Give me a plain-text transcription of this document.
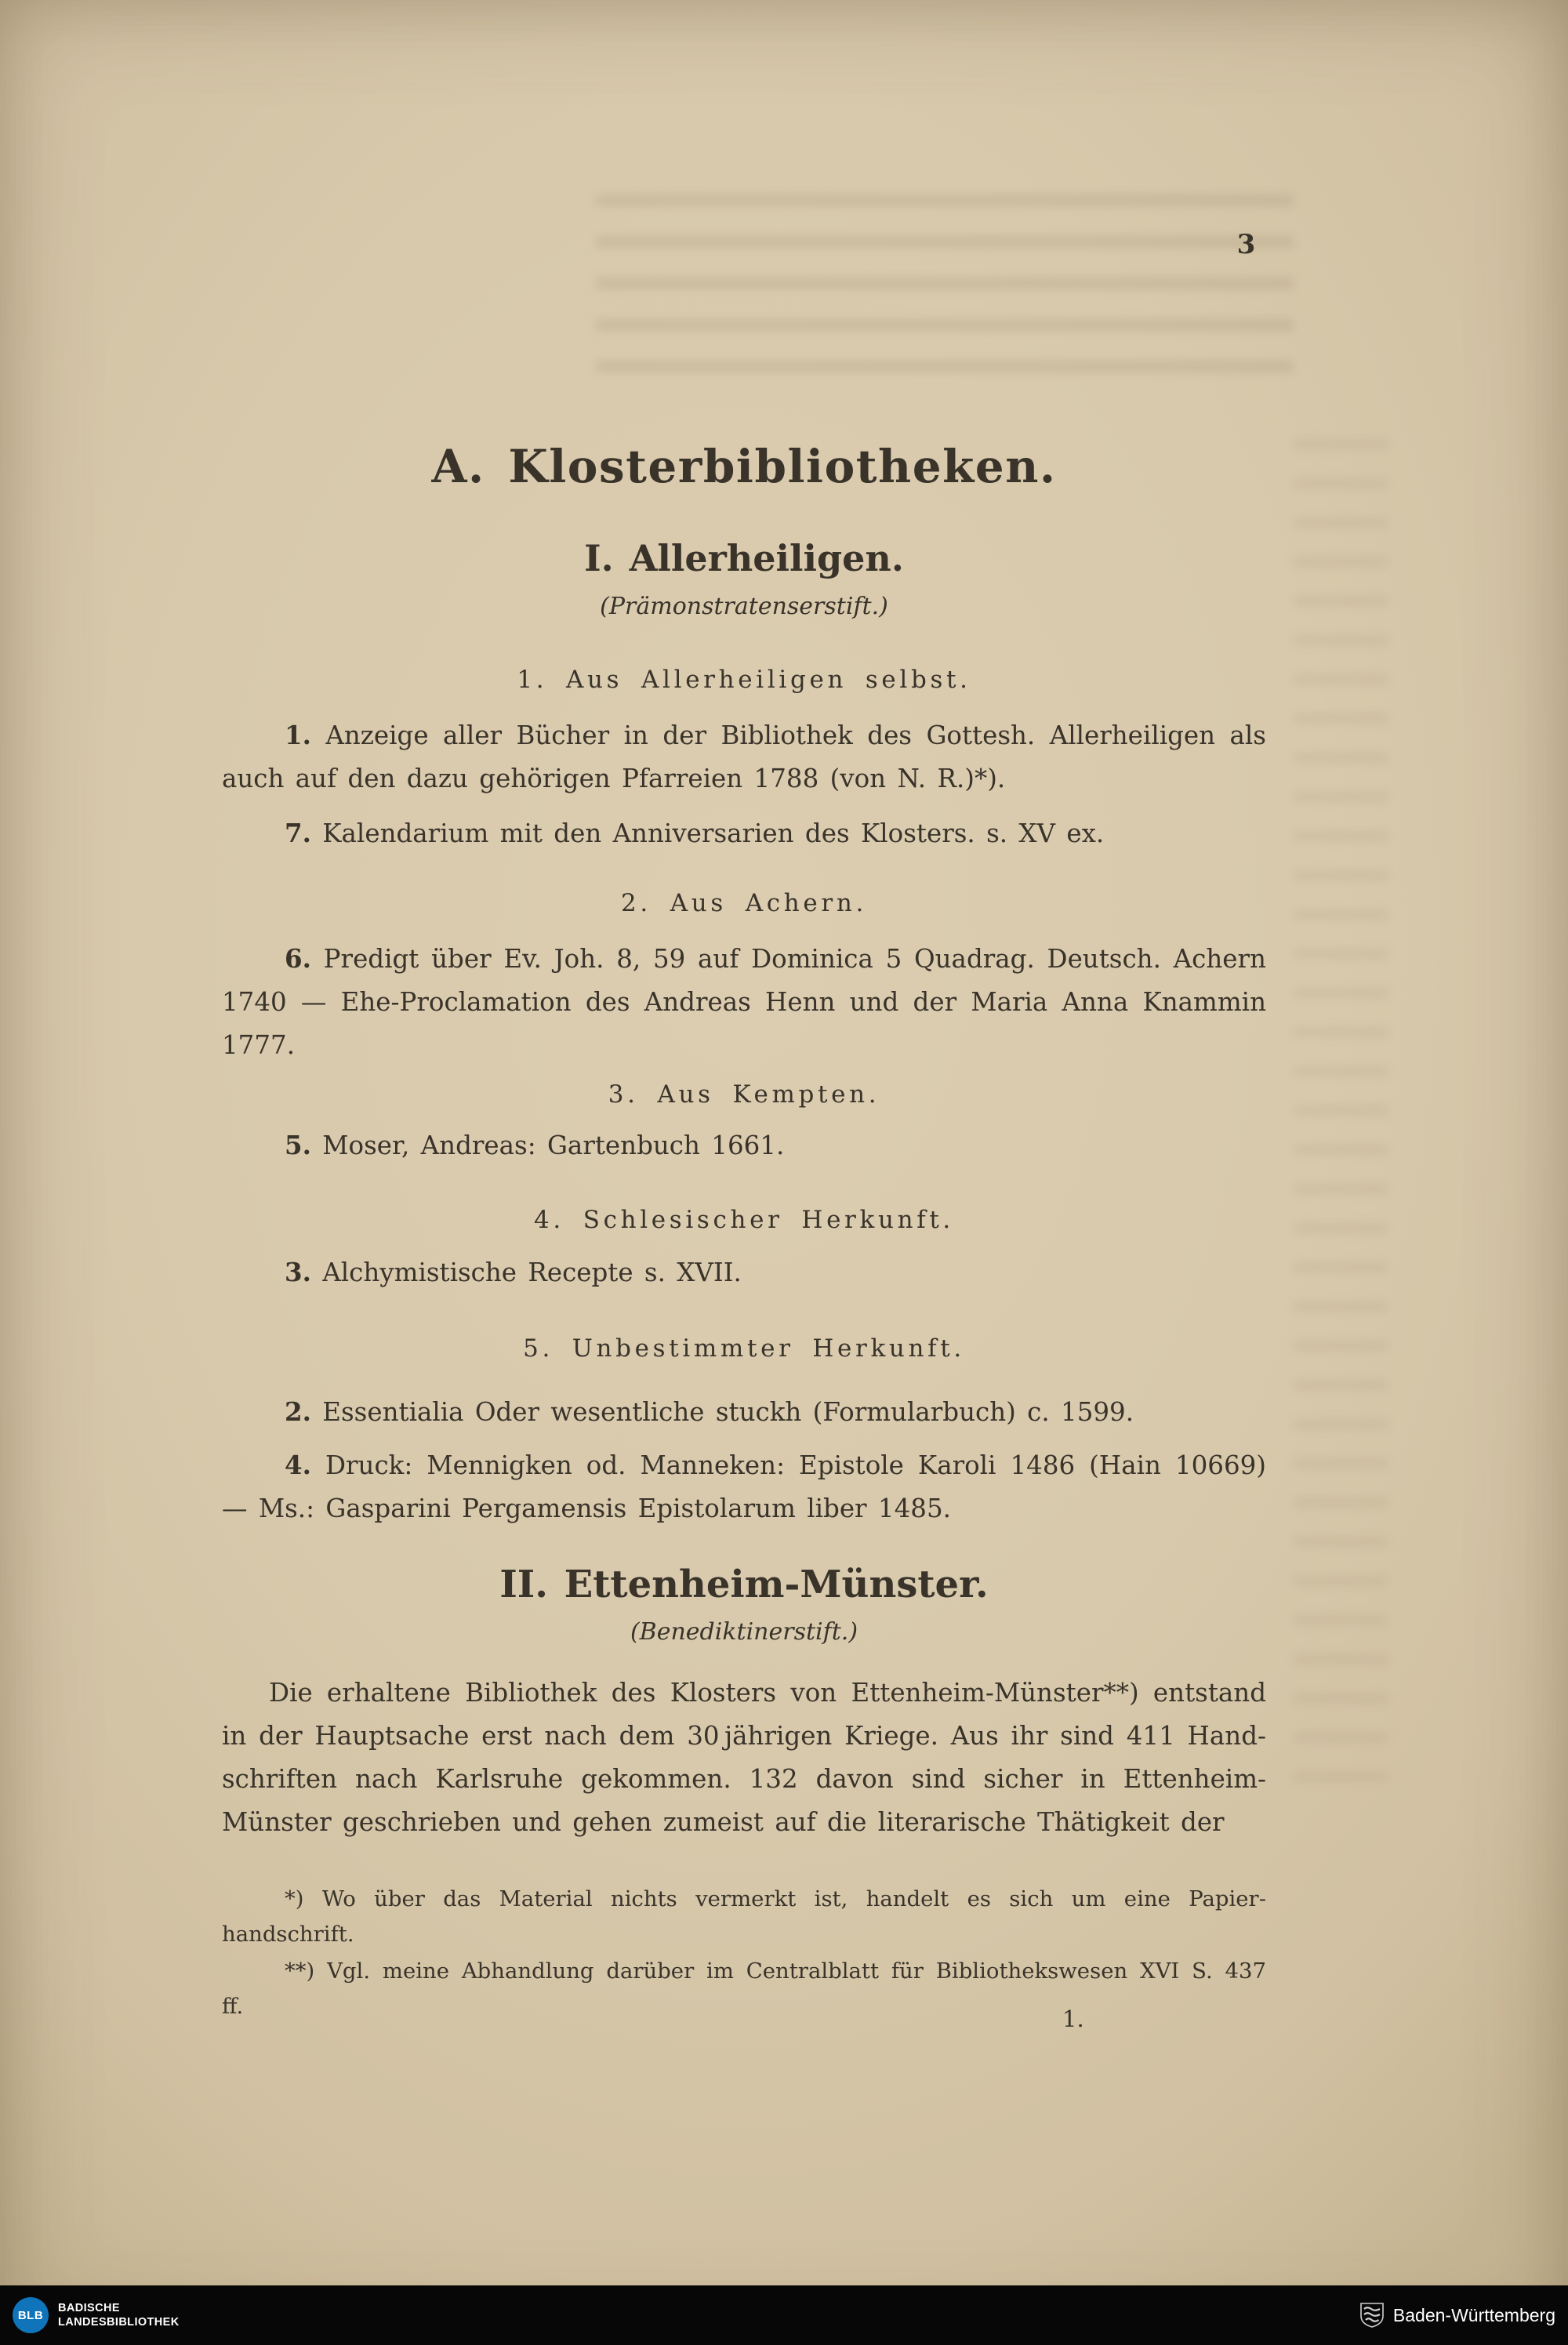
3
A. Klosterbibliotheken.
I. Allerheiligen.
(Prämonstratenserstift.)
1. Aus Allerheiligen selbst.

1. Anzeige aller Bücher in der Bibliothek des Gottesh. Allerheiligen als auch auf den dazu gehörigen Pfarreien 1788 (von N. R.)*).

7. Kalendarium mit den Anniversarien des Klosters. s. XV ex.

2. Aus Achern.

6. Predigt über Ev. Joh. 8, 59 auf Dominica 5 Quadrag. Deutsch. Achern 1740 — Ehe-Proclamation des Andreas Henn und der Maria Anna Knammin 1777.

3. Aus Kempten.

5. Moser, Andreas: Gartenbuch 1661.

4. Schlesischer Herkunft.

3. Alchymistische Recepte s. XVII.

5. Unbestimmter Herkunft.

2. Essentialia Oder wesentliche stuckh (Formularbuch) c. 1599.

4. Druck: Mennigken od. Manneken: Epistole Karoli 1486 (Hain 10669) — Ms.: Gasparini Pergamensis Epistolarum liber 1485.

II. Ettenheim-Münster.
(Benediktinerstift.)

Die erhaltene Bibliothek des Klosters von Ettenheim-Münster**) entstand in der Hauptsache erst nach dem 30 jährigen Kriege. Aus ihr sind 411 Handschriften nach Karlsruhe gekommen. 132 davon sind sicher in Ettenheim-Münster geschrieben und gehen zumeist auf die literarische Thätigkeit der

*) Wo über das Material nichts vermerkt ist, handelt es sich um eine Papierhandschrift.

**) Vgl. meine Abhandlung darüber im Centralblatt für Bibliothekswesen XVI S. 437 ff.	1.
BLB
BADISCHE
LANDESBIBLIOTHEK	Baden-Württemberg
